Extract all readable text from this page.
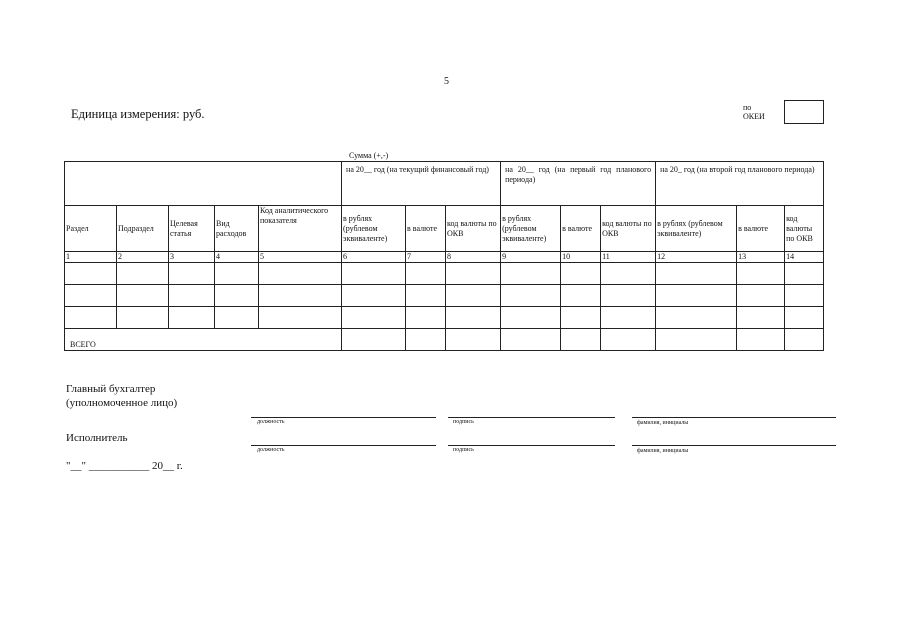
5
Единица измерения: руб.	по
ОКЕИ
Сумма (+,-)
					на 20__ год (на текущий финансовый год)			на 20__ год (на первый год планового периода)			на 20_ год (на второй год планового периода)		
Раздел	Подраздел	Целевая статья	Вид расходов	Код аналитического показателя	в рублях (рублевом эквиваленте)	в валюте	код валюты по ОКВ	в рублях (рублевом эквиваленте)	в валюте	код валюты по ОКВ	в рублях (рублевом эквиваленте)	в валюте	код валюты по ОКВ
1	2	3	4	5	6	7	8	9	10	11	12	13	14

ВСЕГО													
Главный бухгалтер
(уполномоченное лицо)
должность	подпись	фамилия, инициалы
Исполнитель
должность	подпись	фамилия, инициалы
"__" ___________ 20__ г.
